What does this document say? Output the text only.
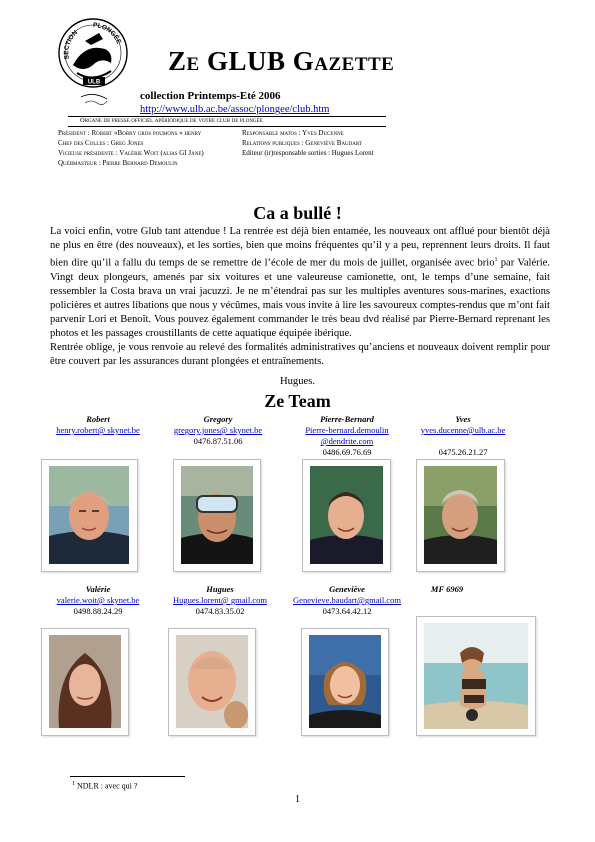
SECTION
PLONGÉE
ULB
ZE GLUB GAZETTE
collection Printemps-Eté 2006
http://www.ulb.ac.be/assoc/plongee/club.htm
Organe de presse officiel apériodique de votre club de plongée
Président : Robert «Bobby gros poumons » henry
Chef des Colles : Greg Jones
Vicieuse présidente : Valérie Woit (alias GI Jane)
Québmasteur : Pierre Bernard Demoulin
Responsable matos : Yves Ducenne
Relations publiques : Geneviève Baudart
Editeur (ir)responsable sorties : Hugues Lorent
Ca a bullé !

La voici enfin, votre Glub tant attendue ! La rentrée est déjà bien entamée, les nouveaux ont afflué pour bientôt déjà ne plus en être (des nouveaux), et les sorties, bien que moins fréquentes qu’il y a peu, reprennent leurs droits. Il faut bien dire qu’il a fallu du temps de se remettre de l’école de mer du mois de juillet, organisée avec brio$^1$ par Valérie. Vingt deux plongeurs, amenés par six voitures et une valeureuse camionette, ont, le temps d’une semaine, fait ressembler la Costa brava un vrai jacuzzi. Je ne m’étendrai pas sur les multiples aventures sous-marines, exactions policières et autres libations que nous y vécûmes, mais vous invite à lire les savoureux comptes-rendus que m’ont fait parvenir Lori et Benoît. Vous pouvez également commander le très beau dvd réalisé par Pierre-Bernard reprenant les photos et les passages croustillants de cette aquatique équipée ibérique.

Rentrée oblige, je vous renvoie au relevé des formalités administratives qu’anciens et nouveaux doivent remplir pour être couvert par les assurances durant plongées et entraînements.

Hugues.
Ze Team
Robert
henry.robert@ skynet.be
Gregory
gregory.jones@ skynet.be
0476.87.51.06
Pierre-Bernard
Pierre-bernard.demoulin
@dendrite.com
0486.69.76.69
Yves
yves.ducenne@ulb.ac.be
0475.26.21.27
Valérie
valerie.woit@ skynet.be
0498.88.24.29
Hugues
Hugues.lorent@ gmail.com
0474.83.35.02
Geneviève
Genevieve.baudart@gmail.com
0473.64.42.12
MF 6969
$^1$ NDLR : avec qui ?
1
